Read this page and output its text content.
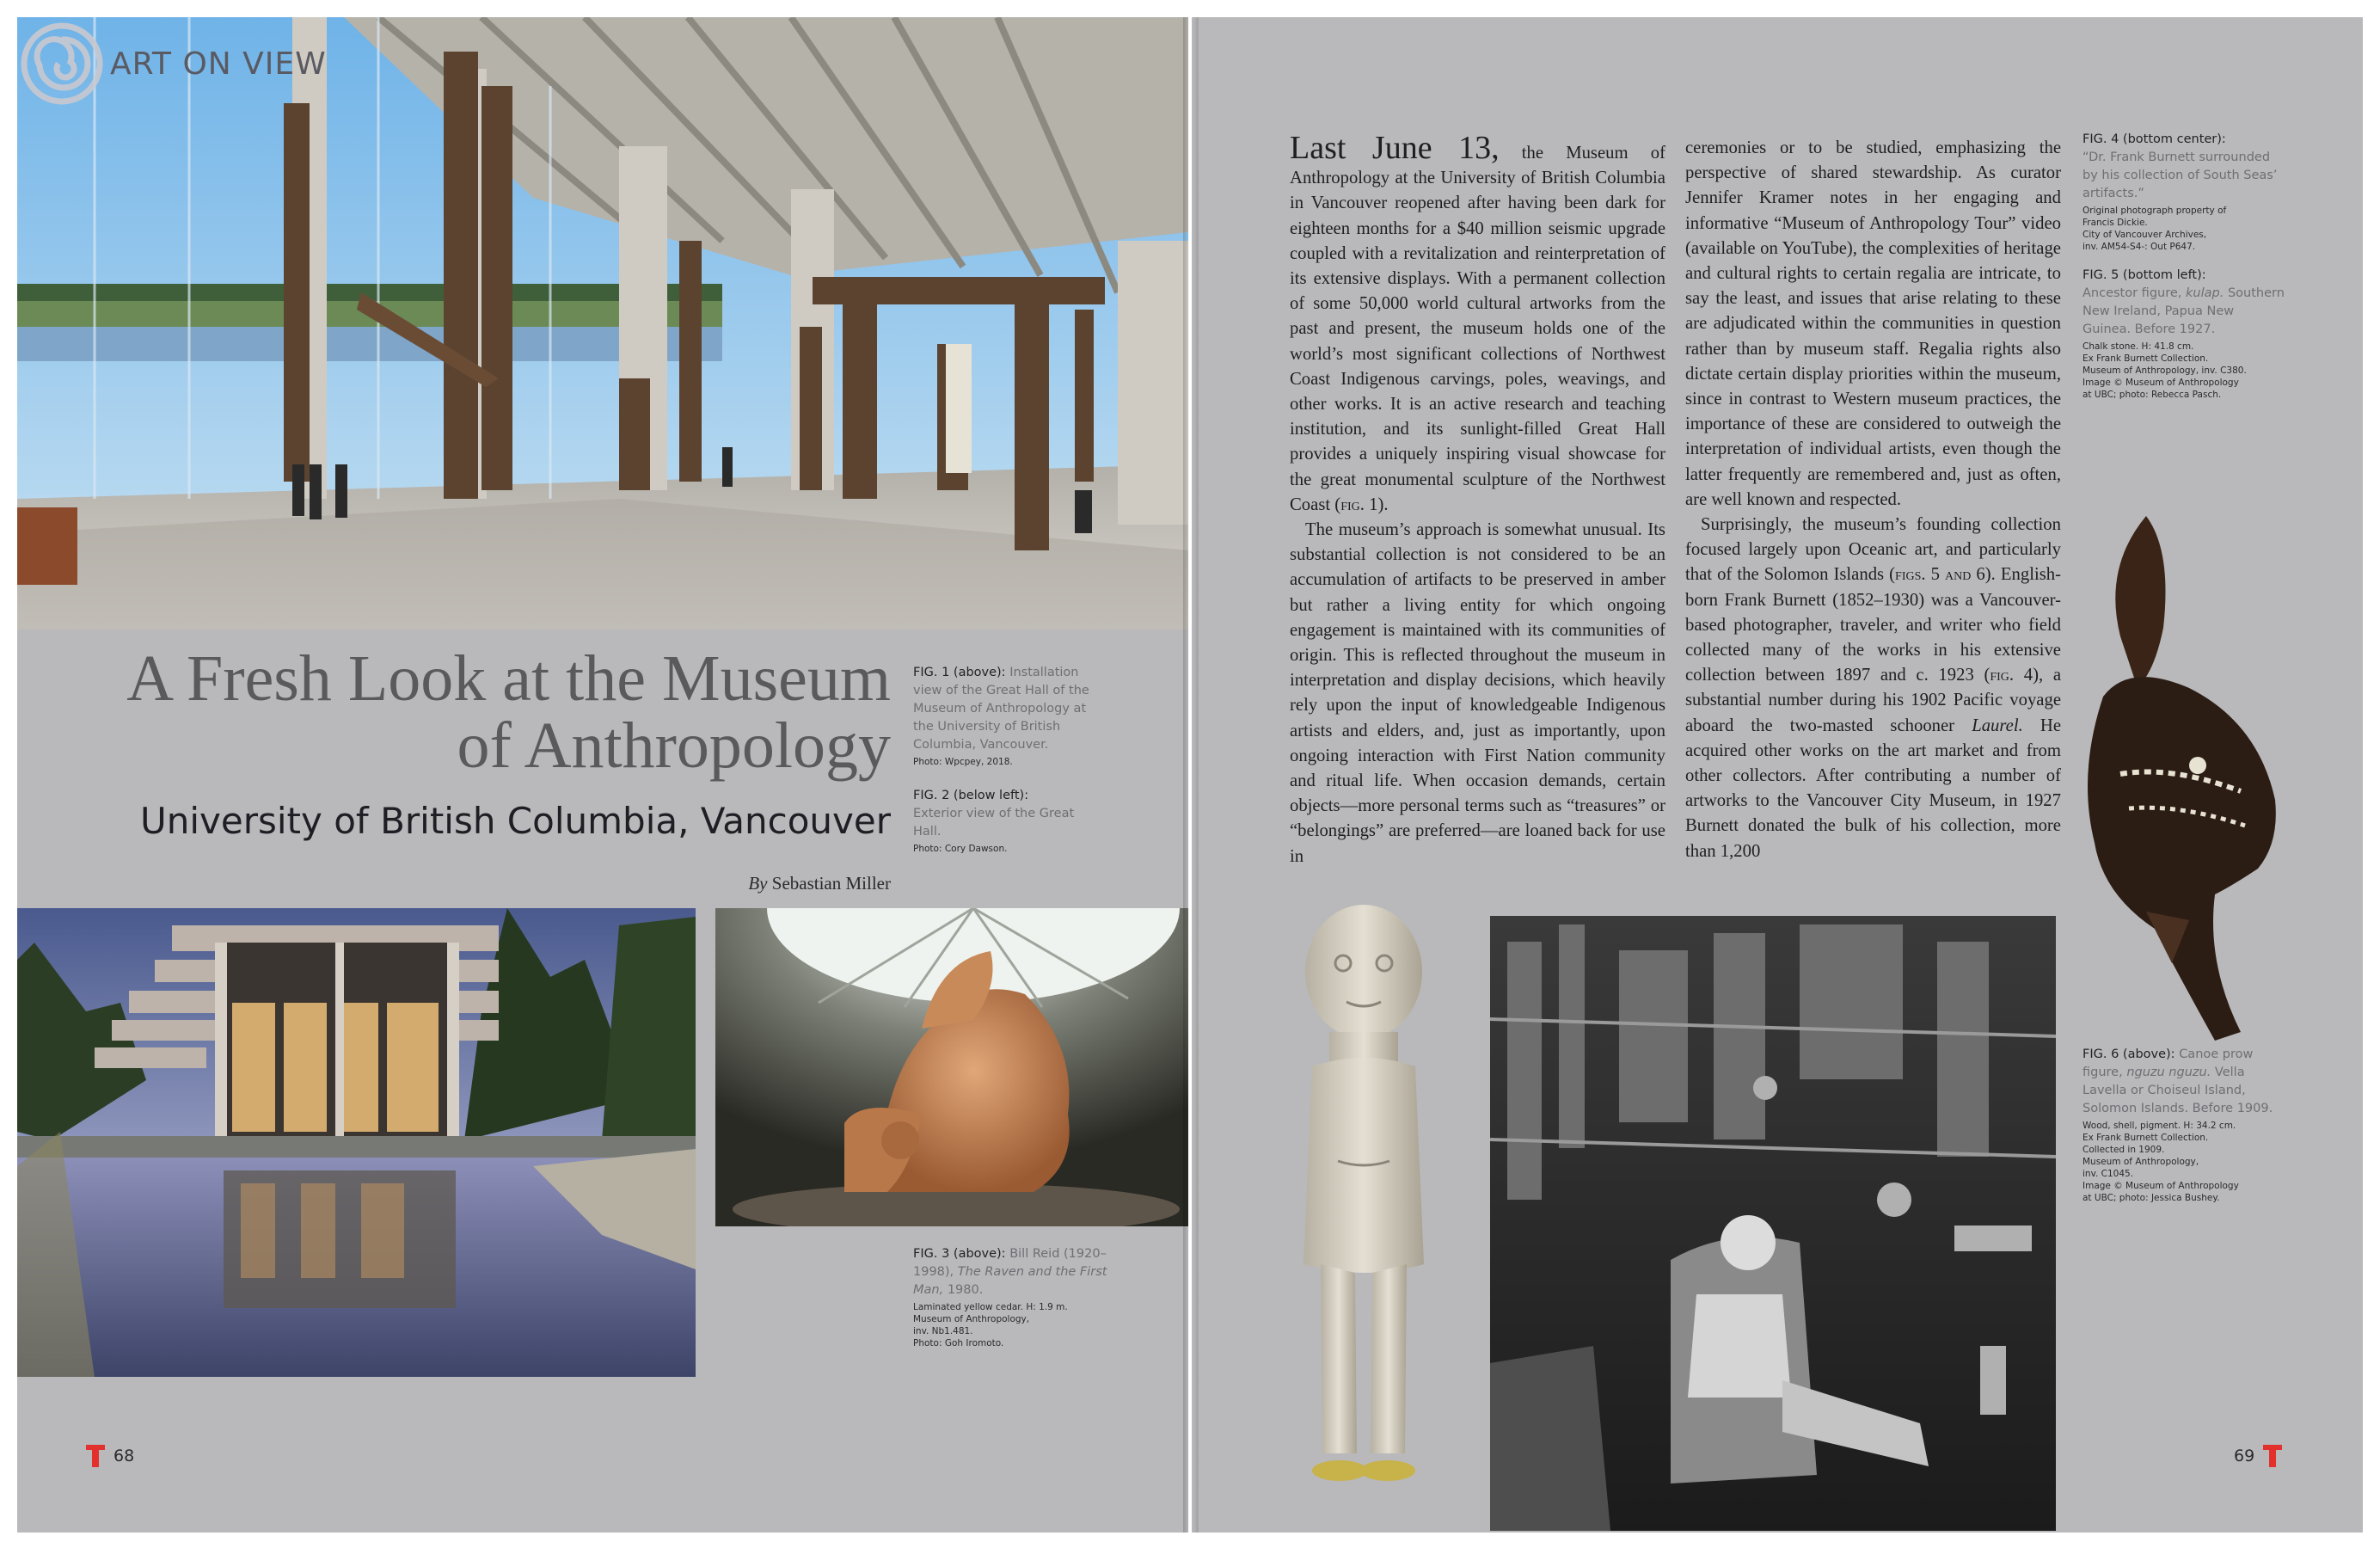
ART ON VIEW
A Fresh Look at the Museum
of Anthropology
University of British Columbia, Vancouver
By Sebastian Miller
FIG. 1 (above): Installation view of the Great Hall of the Museum of Anthropology at the University of British Columbia, Vancouver.
Photo: Wpcpey, 2018.
FIG. 2 (below left):
Exterior view of the Great Hall.
Photo: Cory Dawson.
FIG. 3 (above): Bill Reid (1920–1998), The Raven and the First Man, 1980.
Laminated yellow cedar. H: 1.9 m.
Museum of Anthropology,
inv. Nb1.481.
Photo: Goh Iromoto.
68

Last June 13, the Museum of Anthropology at the University of British Columbia in Vancouver reopened after having been dark for eighteen months for a $40 million seismic upgrade coupled with a revitalization and reinterpretation of its extensive displays. With a permanent collection of some 50,000 world cultural artworks from the past and present, the museum holds one of the world’s most significant collections of Northwest Coast Indigenous carvings, poles, weavings, and other works. It is an active research and teaching institution, and its sunlight-filled Great Hall provides a uniquely inspiring visual showcase for the great monumental sculpture of the Northwest Coast (fig. 1).

The museum’s approach is somewhat unusual. Its substantial collection is not considered to be an accumulation of artifacts to be preserved in amber but rather a living entity for which ongoing engagement is maintained with its communities of origin. This is reflected throughout the museum in interpretation and display decisions, which heavily rely upon the input of knowledgeable Indigenous artists and elders, and, just as importantly, upon ongoing interaction with First Nation community and ritual life. When occasion demands, certain objects—more personal terms such as “treasures” or “belongings” are preferred—are loaned back for use in

ceremonies or to be studied, emphasizing the perspective of shared stewardship. As curator Jennifer Kramer notes in her engaging and informative “Museum of Anthropology Tour” video (available on YouTube), the complexities of heritage and cultural rights to certain regalia are intricate, to say the least, and issues that arise relating to these are adjudicated within the communities in question rather than by museum staff. Regalia rights also dictate certain display priorities within the museum, since in contrast to Western museum practices, the importance of these are considered to outweigh the interpretation of individual artists, even though the latter frequently are remembered and, just as often, are well known and respected.

Surprisingly, the museum’s founding collection focused largely upon Oceanic art, and particularly that of the Solomon Islands (figs. 5 and 6). English-born Frank Burnett (1852–1930) was a Vancouver-based photographer, traveler, and writer who field collected many of the works in his extensive collection between 1897 and c. 1923 (fig. 4), a substantial number during his 1902 Pacific voyage aboard the two-masted schooner Laurel. He acquired other works on the art market and from other collectors. After contributing a number of artworks to the Vancouver City Museum, in 1927 Burnett donated the bulk of his collection, more than 1,200

FIG. 4 (bottom center):
“Dr. Frank Burnett surrounded by his collection of South Seas’ artifacts.”
Original photograph property of
Francis Dickie.
City of Vancouver Archives,
inv. AM54-S4-: Out P647.
FIG. 5 (bottom left):
Ancestor figure, kulap. Southern New Ireland, Papua New Guinea. Before 1927.
Chalk stone. H: 41.8 cm.
Ex Frank Burnett Collection.
Museum of Anthropology, inv. C380.
Image © Museum of Anthropology
at UBC; photo: Rebecca Pasch.
FIG. 6 (above): Canoe prow figure, nguzu nguzu. Vella Lavella or Choiseul Island, Solomon Islands. Before 1909.
Wood, shell, pigment. H: 34.2 cm.
Ex Frank Burnett Collection.
Collected in 1909.
Museum of Anthropology,
inv. C1045.
Image © Museum of Anthropology
at UBC; photo: Jessica Bushey.
69
